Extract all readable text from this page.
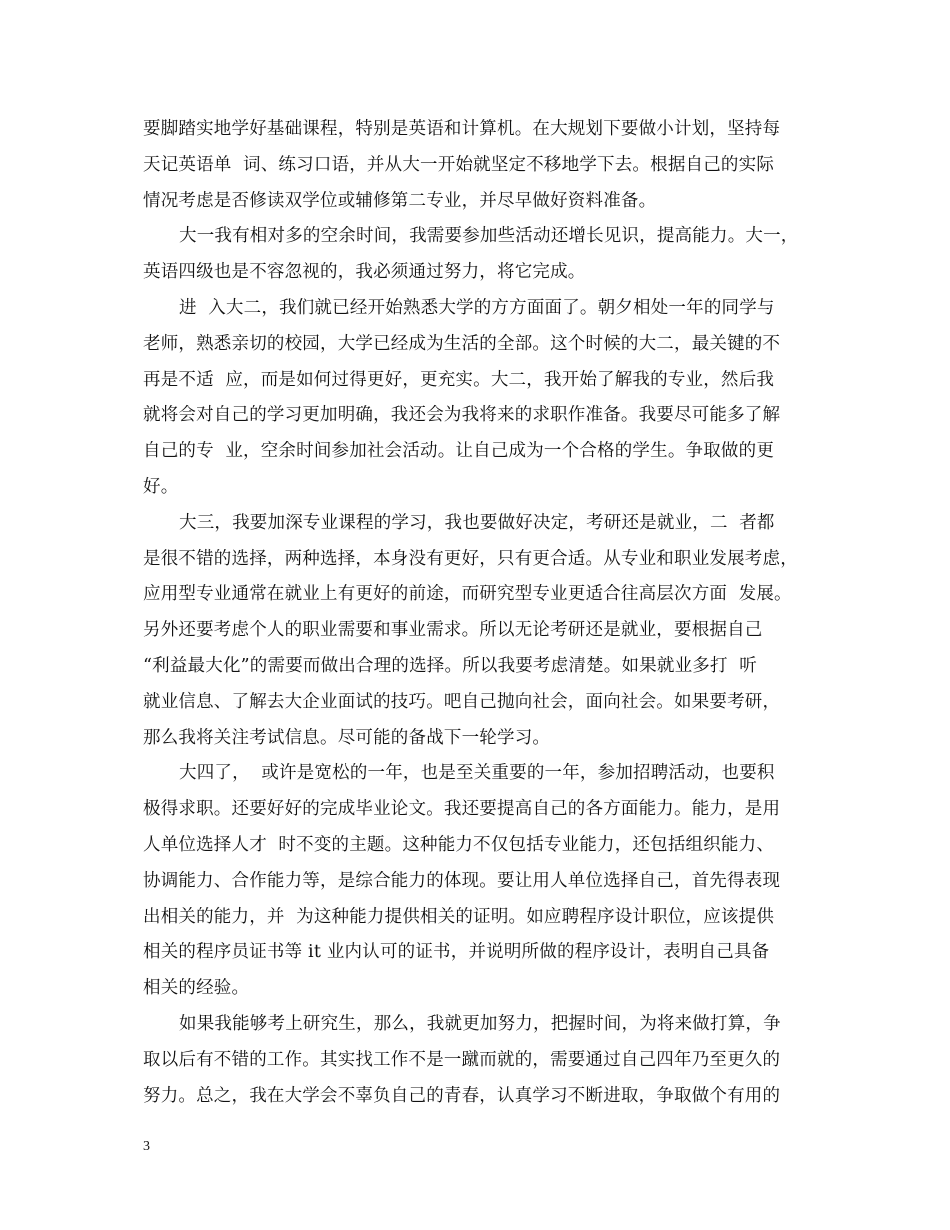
要脚踏实地学好基础课程，特别是英语和计算机。在大规划下要做小计划，坚持每
天记英语单  词、练习口语，并从大一开始就坚定不移地学下去。根据自己的实际
情况考虑是否修读双学位或辅修第二专业，并尽早做好资料准备。
大一我有相对多的空余时间，我需要参加些活动还增长见识，提高能力。大一，
英语四级也是不容忽视的，我必须通过努力，将它完成。
进  入大二，我们就已经开始熟悉大学的方方面面了。朝夕相处一年的同学与
老师，熟悉亲切的校园，大学已经成为生活的全部。这个时候的大二，最关键的不
再是不适  应，而是如何过得更好，更充实。大二，我开始了解我的专业，然后我
就将会对自己的学习更加明确，我还会为我将来的求职作准备。我要尽可能多了解
自己的专  业，空余时间参加社会活动。让自己成为一个合格的学生。争取做的更
好。
大三，我要加深专业课程的学习，我也要做好决定，考研还是就业，二  者都
是很不错的选择，两种选择，本身没有更好，只有更合适。从专业和职业发展考虑，
应用型专业通常在就业上有更好的前途，而研究型专业更适合往高层次方面  发展。
另外还要考虑个人的职业需要和事业需求。所以无论考研还是就业，要根据自己
“利益最大化”的需要而做出合理的选择。所以我要考虑清楚。如果就业多打  听
就业信息、了解去大企业面试的技巧。吧自己抛向社会，面向社会。如果要考研，
那么我将关注考试信息。尽可能的备战下一轮学习。
大四了，  或许是宽松的一年，也是至关重要的一年，参加招聘活动，也要积
极得求职。还要好好的完成毕业论文。我还要提高自己的各方面能力。能力，是用
人单位选择人才  时不变的主题。这种能力不仅包括专业能力，还包括组织能力、
协调能力、合作能力等，是综合能力的体现。要让用人单位选择自己，首先得表现
出相关的能力，并  为这种能力提供相关的证明。如应聘程序设计职位，应该提供
相关的程序员证书等 it 业内认可的证书，并说明所做的程序设计，表明自己具备
相关的经验。
如果我能够考上研究生，那么，我就更加努力，把握时间，为将来做打算，争
取以后有不错的工作。其实找工作不是一蹴而就的，需要通过自己四年乃至更久的
努力。总之，我在大学会不辜负自己的青春，认真学习不断进取，争取做个有用的
3
